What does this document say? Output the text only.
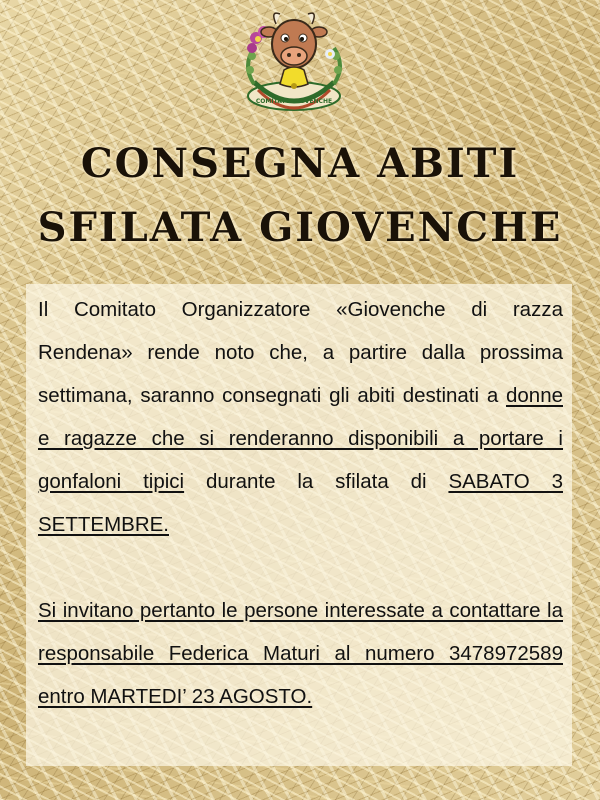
COMITATO GIOVENCHE
CONSEGNA ABITI
SFILATA GIOVENCHE
Il Comitato Organizzatore «Giovenche di razza Rendena» rende noto che, a partire dalla prossima settimana, saranno consegnati gli abiti destinati a donne e ragazze che si renderanno disponibili a portare i gonfaloni tipici durante la sfilata di SABATO 3 SETTEMBRE.
Si invitano pertanto le persone interessate a contattare la responsabile Federica Maturi al numero 3478972589 entro MARTEDI’ 23 AGOSTO.
